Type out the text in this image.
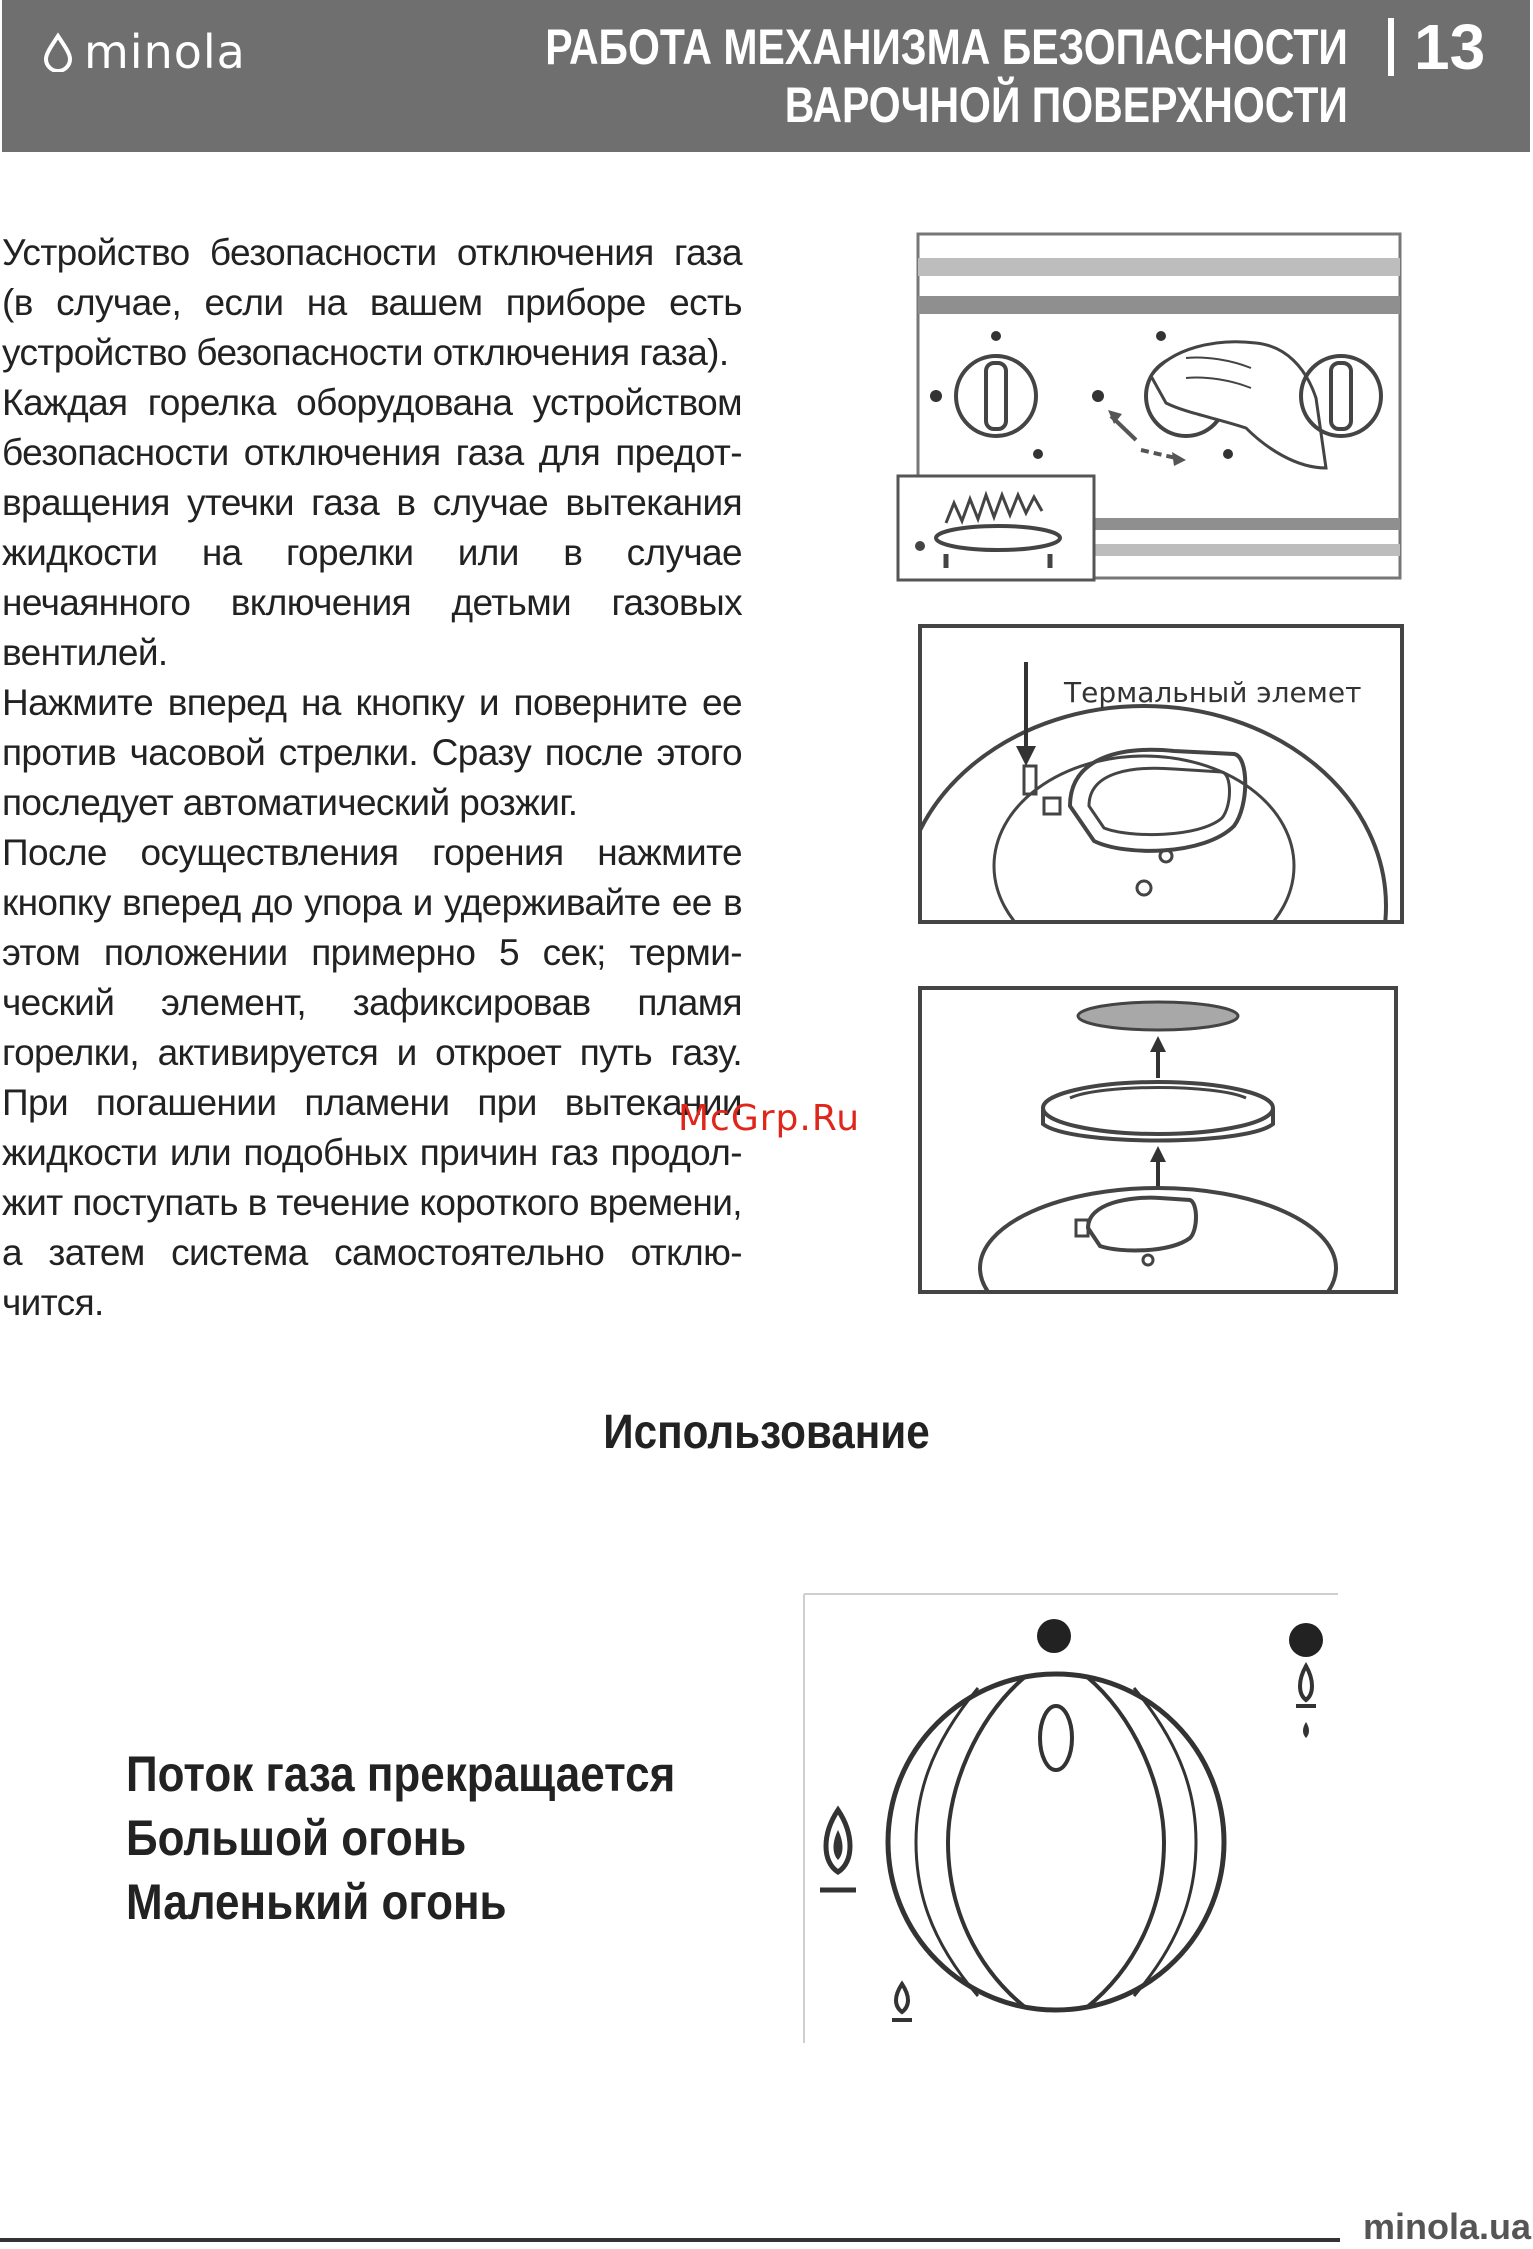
minola	РАБОТА МЕХАНИЗМА БЕЗОПАСНОСТИ
ВАРОЧНОЙ ПОВЕРХНОСТИ
13

Устройство безопасности отключения газа (в случае, если на вашем приборе есть устройство безопасности отключения газа).

Каждая горелка оборудована устройством безопасности отключения газа для предот-вращения утечки газа в случае вытекания жидкости на горелки или в случае нечаянного включения детьми газовых вентилей.

Нажмите вперед на кнопку и поверните ее против часовой стрелки. Сразу после этого последует автоматический розжиг.

После осуществления горения нажмите кнопку вперед до упора и удерживайте ее в этом положении примерно 5 сек; терми-ческий элемент, зафиксировав пламя горелки, активируется и откроет путь газу. При погашении пламени при вытекании жидкости или подобных причин газ продол-жит поступать в течение короткого времени, а затем система самостоятельно отклю-чится.

McGrp.Ru
Термальный элемет
Использование
Поток газа прекращается
Большой огонь
Маленький огонь
minola.ua
